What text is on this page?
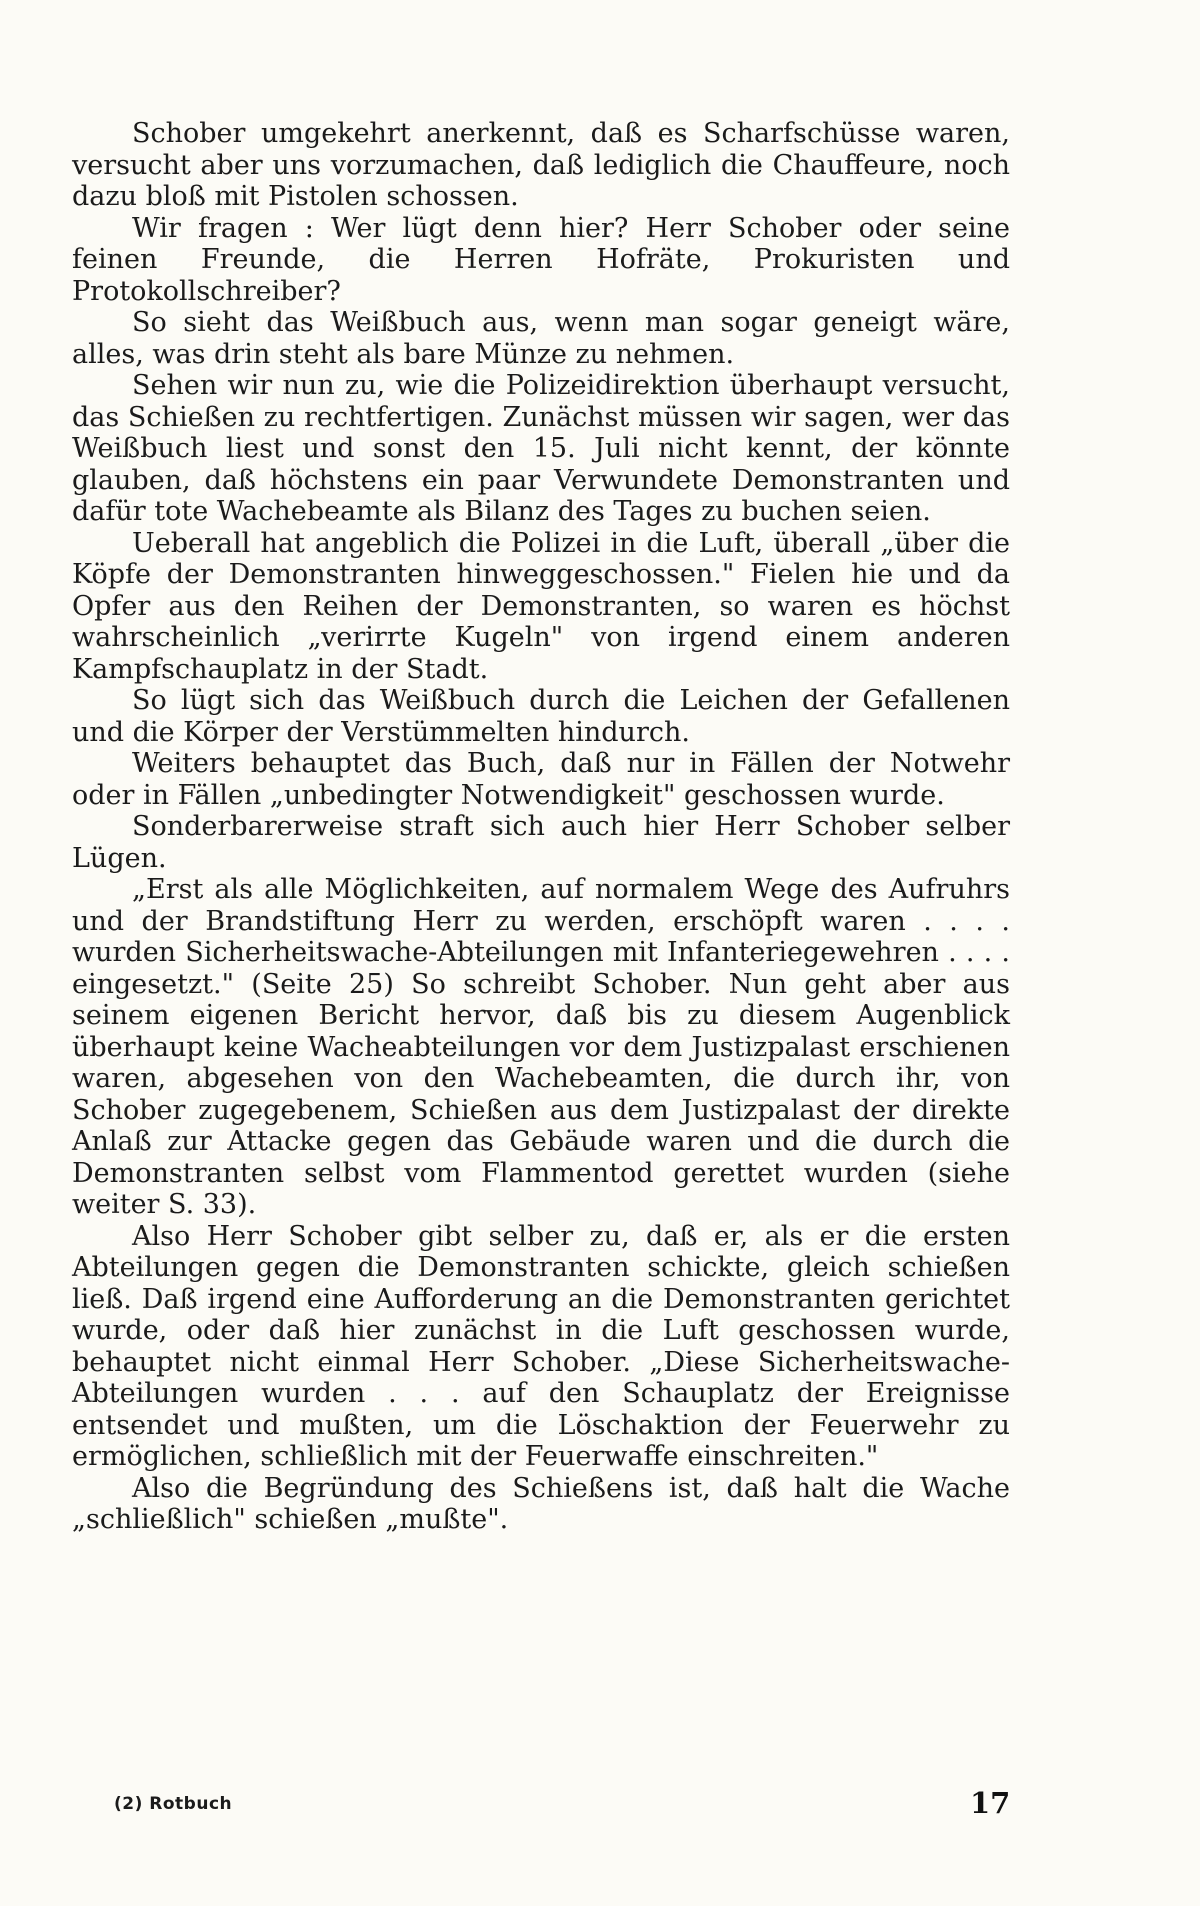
Schober umgekehrt anerkennt, daß es Scharfschüsse waren, versucht aber uns vorzumachen, daß lediglich die Chauffeure, noch dazu bloß mit Pistolen schossen.

Wir fragen : Wer lügt denn hier? Herr Schober oder seine feinen Freunde, die Herren Hofräte, Prokuristen und Protokollschreiber?

So sieht das Weißbuch aus, wenn man sogar geneigt wäre, alles, was drin steht als bare Münze zu nehmen.

Sehen wir nun zu, wie die Polizeidirektion überhaupt versucht, das Schießen zu rechtfertigen. Zunächst müssen wir sagen, wer das Weißbuch liest und sonst den 15. Juli nicht kennt, der könnte glauben, daß höchstens ein paar Verwundete Demonstranten und dafür tote Wachebeamte als Bilanz des Tages zu buchen seien.

Ueberall hat angeblich die Polizei in die Luft, überall „über die Köpfe der Demonstranten hinweggeschossen." Fielen hie und da Opfer aus den Reihen der Demonstranten, so waren es höchst wahrscheinlich „verirrte Kugeln" von irgend einem anderen Kampfschauplatz in der Stadt.

So lügt sich das Weißbuch durch die Leichen der Gefallenen und die Körper der Verstümmelten hindurch.

Weiters behauptet das Buch, daß nur in Fällen der Notwehr oder in Fällen „unbedingter Notwendigkeit" geschossen wurde.

Sonderbarerweise straft sich auch hier Herr Schober selber Lügen.

„Erst als alle Möglichkeiten, auf normalem Wege des Aufruhrs und der Brandstiftung Herr zu werden, erschöpft waren . . . . wurden Sicherheitswache-Abteilungen mit Infanteriegewehren . . . . eingesetzt." (Seite 25) So schreibt Schober. Nun geht aber aus seinem eigenen Bericht hervor, daß bis zu diesem Augenblick überhaupt keine Wacheabteilungen vor dem Justizpalast erschienen waren, abgesehen von den Wachebeamten, die durch ihr, von Schober zugegebenem, Schießen aus dem Justizpalast der direkte Anlaß zur Attacke gegen das Gebäude waren und die durch die Demonstranten selbst vom Flammentod gerettet wurden (siehe weiter S. 33).

Also Herr Schober gibt selber zu, daß er, als er die ersten Abteilungen gegen die Demonstranten schickte, gleich schießen ließ. Daß irgend eine Aufforderung an die Demonstranten gerichtet wurde, oder daß hier zunächst in die Luft geschossen wurde, behauptet nicht einmal Herr Schober. „Diese Sicherheitswache-Abteilungen wurden . . . auf den Schauplatz der Ereignisse entsendet und mußten, um die Löschaktion der Feuerwehr zu ermöglichen, schließlich mit der Feuerwaffe einschreiten."

Also die Begründung des Schießens ist, daß halt die Wache „schließlich" schießen „mußte".

(2) Rotbuch	17
